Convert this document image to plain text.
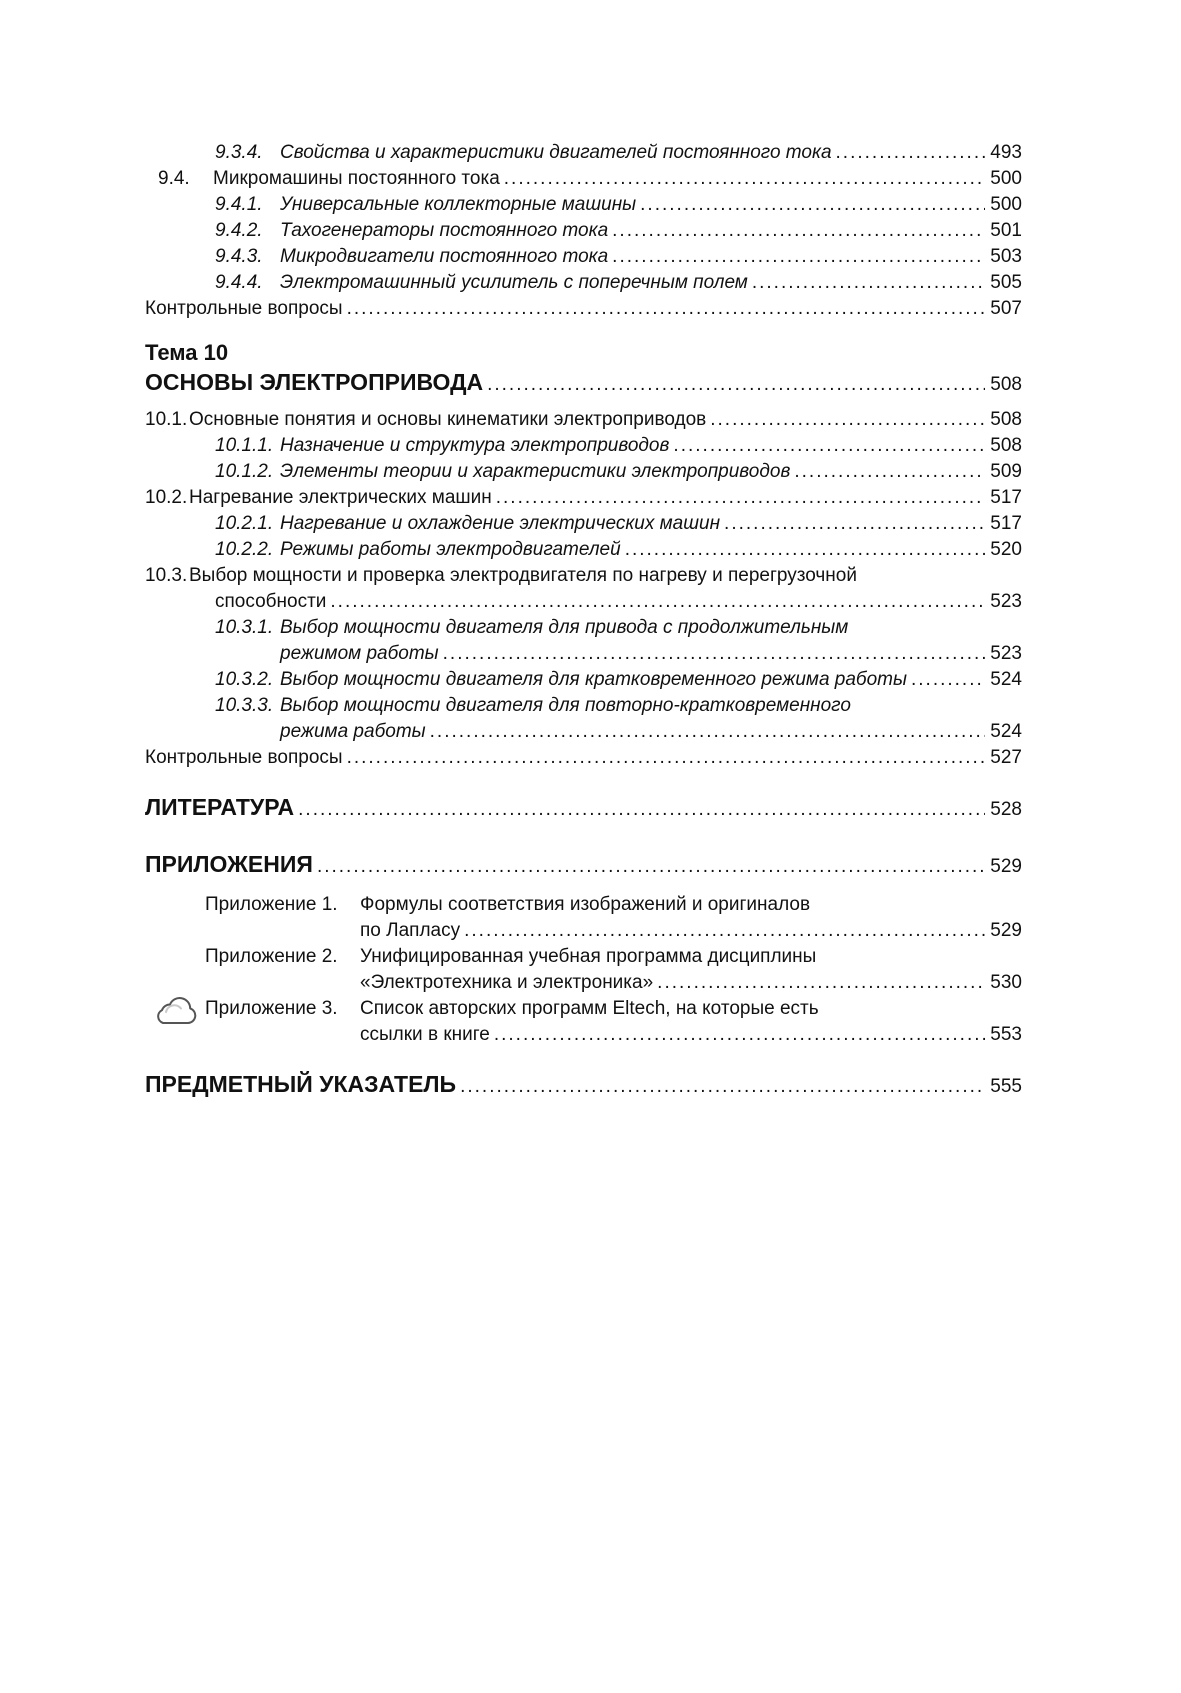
9.3.4. Свойства и характеристики двигателей постоянного тока .....	493
9.4.	Микромашины постоянного тока .....	500
9.4.1. Универсальные коллекторные машины .....	500
9.4.2. Тахогенераторы постоянного тока .....	501
9.4.3. Микродвигатели постоянного тока .....	503
9.4.4. Электромашинный усилитель с поперечным полем .....	505
Контрольные вопросы .....	507
Тема 10
ОСНОВЫ ЭЛЕКТРОПРИВОДА .....	508
10.1. Основные понятия и основы кинематики электроприводов .....	508
10.1.1. Назначение и структура электроприводов .....	508
10.1.2. Элементы теории и характеристики электроприводов .....	509
10.2. Нагревание электрических машин .....	517
10.2.1. Нагревание и охлаждение электрических машин .....	517
10.2.2. Режимы работы электродвигателей .....	520
10.3. Выбор мощности и проверка электродвигателя по нагреву и перегрузочной
способности .....	523
10.3.1. Выбор мощности двигателя для привода с продолжительным
режимом работы .....	523
10.3.2. Выбор мощности двигателя для кратковременного режима работы .....	524
10.3.3. Выбор мощности двигателя для повторно-кратковременного
режима работы .....	524
Контрольные вопросы .....	527
ЛИТЕРАТУРА .....	528
ПРИЛОЖЕНИЯ .....	529
Приложение 1.	Формулы соответствия изображений и оригиналов
по Лапласу .....	529
Приложение 2.	Унифицированная учебная программа дисциплины
«Электротехника и электроника» .....	530
Приложение 3.	Список авторских программ Eltech, на которые есть
ссылки в книге .....	553
ПРЕДМЕТНЫЙ УКАЗАТЕЛЬ .....	555
